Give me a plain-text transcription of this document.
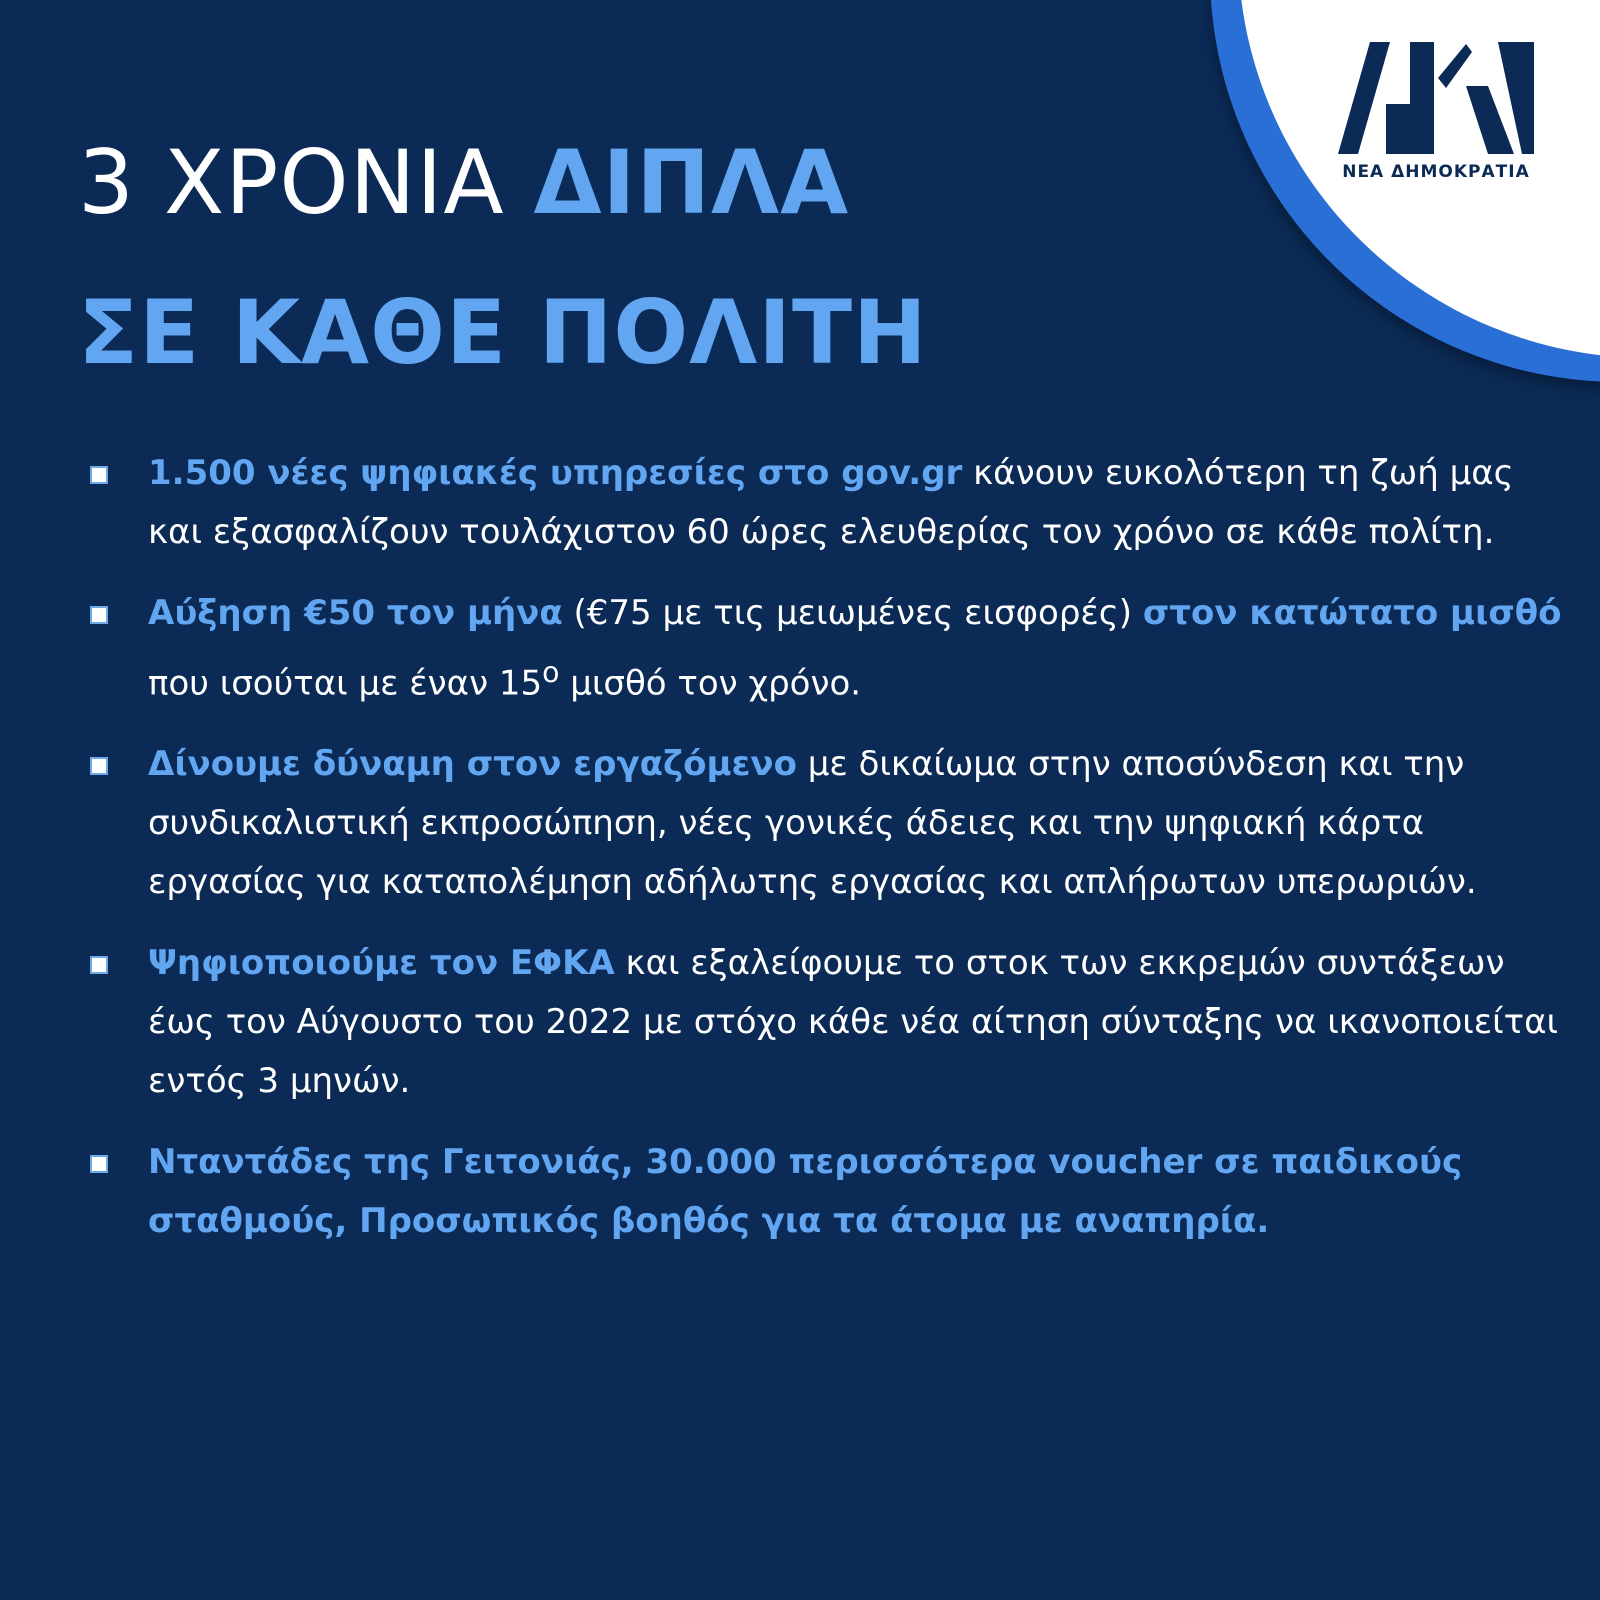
ΝΕΑ ΔΗΜΟΚΡΑΤΙΑ
3 ΧΡΟΝΙΑ ΔΙΠΛΑ
ΣΕ ΚΑΘΕ ΠΟΛΙΤΗ
1.500 νέες ψηφιακές υπηρεσίες στο gov.gr κάνουν ευκολότερη τη ζωή μας και εξασφαλίζουν τουλάχιστον 60 ώρες ελευθερίας τον χρόνο σε κάθε πολίτη.
Αύξηση €50 τον μήνα (€75 με τις μειωμένες εισφορές) στον κατώτατο μισθό που ισούται με έναν $15^o$ μισθό τον χρόνο.
Δίνουμε δύναμη στον εργαζόμενο με δικαίωμα στην αποσύνδεση και την συνδικαλιστική εκπροσώπηση, νέες γονικές άδειες και την ψηφιακή κάρτα εργασίας για καταπολέμηση αδήλωτης εργασίας και απλήρωτων υπερωριών.
Ψηφιοποιούμε τον ΕΦΚΑ και εξαλείφουμε το στοκ των εκκρεμών συντάξεων έως τον Αύγουστο του 2022 με στόχο κάθε νέα αίτηση σύνταξης να ικανοποιείται εντός 3 μηνών.
Νταντάδες της Γειτονιάς, 30.000 περισσότερα voucher σε παιδικούς σταθμούς, Προσωπικός βοηθός για τα άτομα με αναπηρία.
